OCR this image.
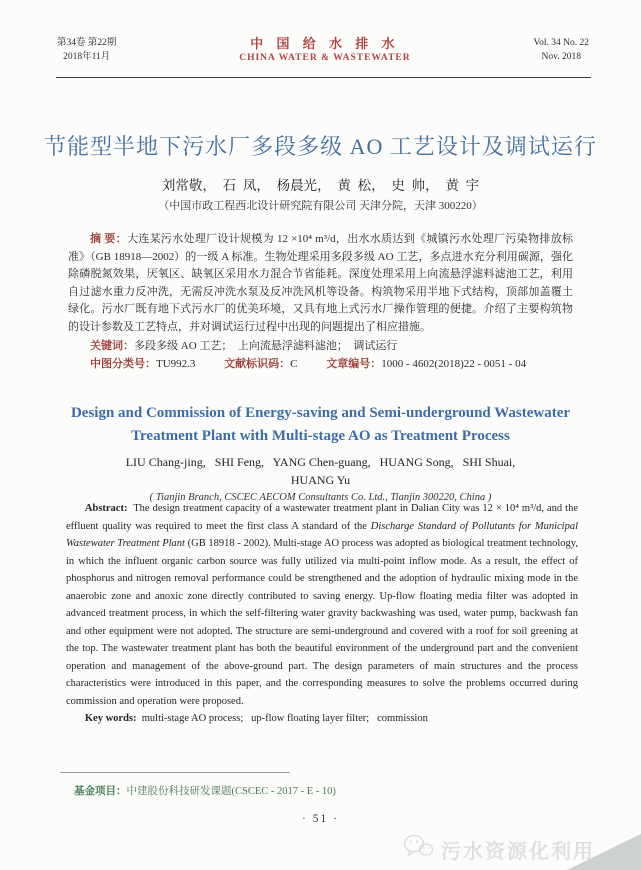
第34卷 第22期
2018年11月
中 国 给 水 排 水
CHINA WATER & WASTEWATER
Vol. 34 No. 22
Nov. 2018
节能型半地下污水厂多段多级 AO 工艺设计及调试运行
刘常敬，  石  凤，  杨晨光，  黄  松，  史  帅，  黄  宇
（中国市政工程西北设计研究院有限公司 天津分院，天津 300220）

摘 要：大连某污水处理厂设计规模为 12 ×10⁴ m³/d，出水水质达到《城镇污水处理厂污染物排放标准》（GB 18918—2002）的一级 A 标准。生物处理采用多段多级 AO 工艺，多点进水充分利用碳源，强化除磷脱氮效果，厌氧区、缺氧区采用水力混合节省能耗。深度处理采用上向流悬浮滤料滤池工艺，利用自过滤水重力反冲洗，无需反冲洗水泵及反冲洗风机等设备。构筑物采用半地下式结构，顶部加盖覆土绿化。污水厂既有地下式污水厂的优美环境，又具有地上式污水厂操作管理的便捷。介绍了主要构筑物的设计参数及工艺特点，并对调试运行过程中出现的问题提出了相应措施。

关键词：多段多级 AO 工艺；  上向流悬浮滤料滤池；  调试运行
中图分类号：TU992.3	文献标识码：C	文章编号：1000 - 4602(2018)22 - 0051 - 04
Design and Commission of Energy-saving and Semi-underground Wastewater
Treatment Plant with Multi-stage AO as Treatment Process
LIU Chang-jing,   SHI Feng,   YANG Chen-guang,   HUANG Song,   SHI Shuai,
HUANG Yu
( Tianjin Branch, CSCEC AECOM Consultants Co. Ltd., Tianjin 300220, China )

Abstract:  The design treatment capacity of a wastewater treatment plant in Dalian City was 12 × 10⁴ m³/d, and the effluent quality was required to meet the first class A standard of the Discharge Standard of Pollutants for Municipal Wastewater Treatment Plant (GB 18918 - 2002). Multi-stage AO process was adopted as biological treatment technology, in which the influent organic carbon source was fully utilized via multi-point inflow mode. As a result, the effect of phosphorus and nitrogen removal performance could be strengthened and the adoption of hydraulic mixing mode in the anaerobic zone and anoxic zone directly contributed to saving energy. Up-flow floating media filter was adopted in advanced treatment process, in which the self-filtering water gravity backwashing was used, water pump, backwash fan and other equipment were not adopted. The structure are semi-underground and covered with a roof for soil greening at the top. The wastewater treatment plant has both the beautiful environment of the underground part and the convenient operation and management of the above-ground part. The design parameters of main structures and the process characteristics were introduced in this paper, and the corresponding measures to solve the problems occurred during commission and operation were proposed.

Key words:  multi-stage AO process;   up-flow floating layer filter;   commission

基金项目：中建股份科技研发课题(CSCEC - 2017 - E - 10)
· 51 ·
污水资源化利用
